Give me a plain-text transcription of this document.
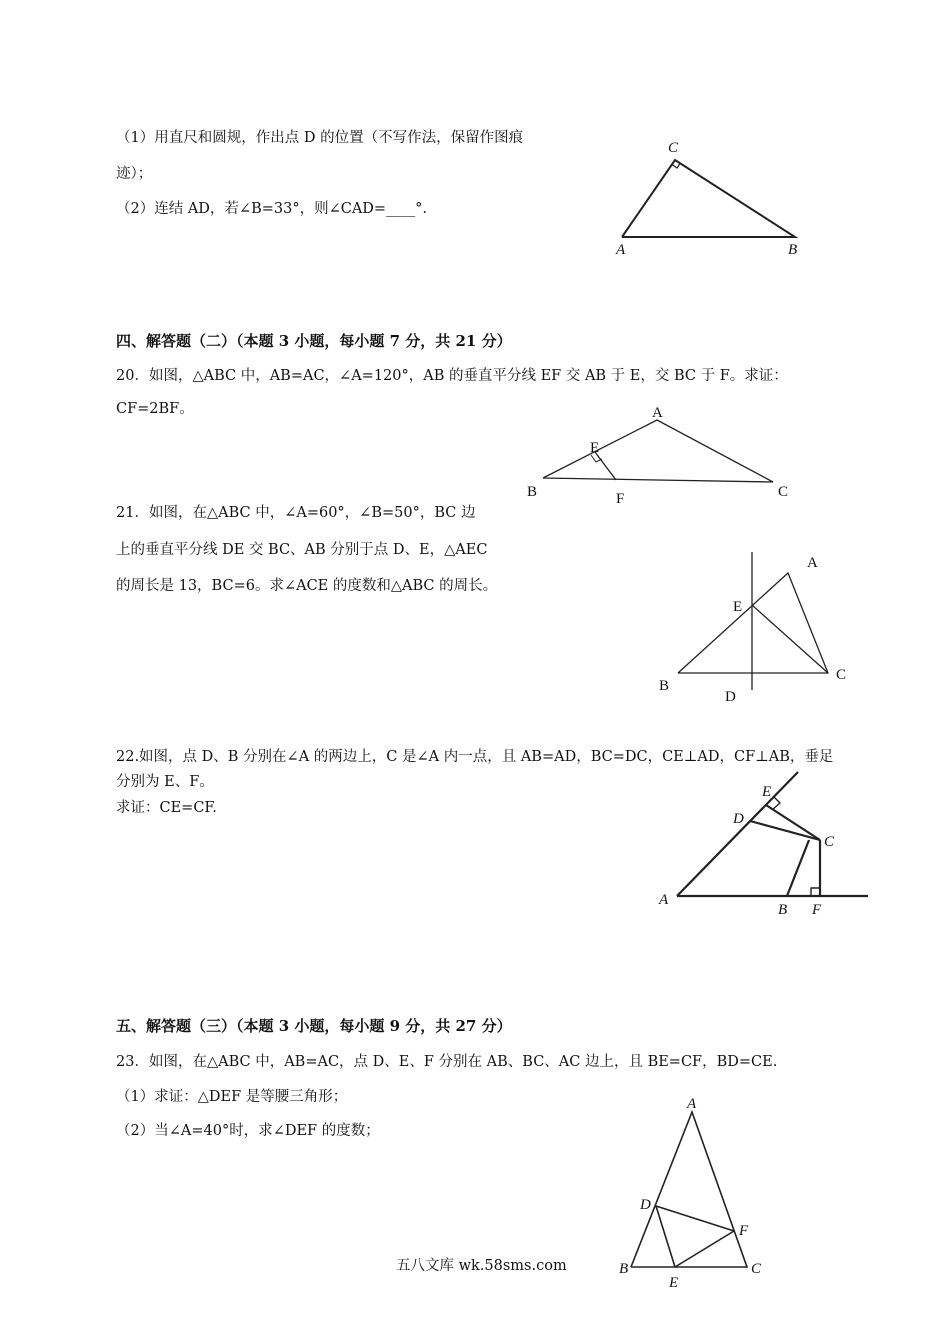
（1）用直尺和圆规，作出点 D 的位置（不写作法，保留作图痕
迹）；
（2）连结 AD，若∠B=33°，则∠CAD=____°.
C
A	B
四、解答题（二）（本题 3 小题，每小题 7 分，共 21 分）
20．如图，△ABC 中，AB=AC，∠A=120°，AB 的垂直平分线 EF 交 AB 于 E，交 BC 于 F。求证：
CF=2BF。	A
E
B	F	C
21．如图，在△ABC 中，∠A=60°，∠B=50°，BC 边
上的垂直平分线 DE 交 BC、AB 分别于点 D、E，△AEC
的周长是 13，BC=6。求∠ACE 的度数和△ABC 的周长。
A
E
B
C
D
22.如图，点 D、B 分别在∠A 的两边上，C 是∠A 内一点，且 AB=AD，BC=DC，CE⊥AD，CF⊥AB，垂足
分别为 E、F。
求证：CE=CF.
E
D
C
A
B F
五、解答题（三）（本题 3 小题，每小题 9 分，共 27 分）
23．如图，在△ABC 中，AB=AC，点 D、E、F 分别在 AB、BC、AC 边上，且 BE=CF，BD=CE.
（1）求证：△DEF 是等腰三角形；
（2）当∠A=40°时，求∠DEF 的度数；
A
D
F
B	C
E
五八文库 wk.58sms.com
